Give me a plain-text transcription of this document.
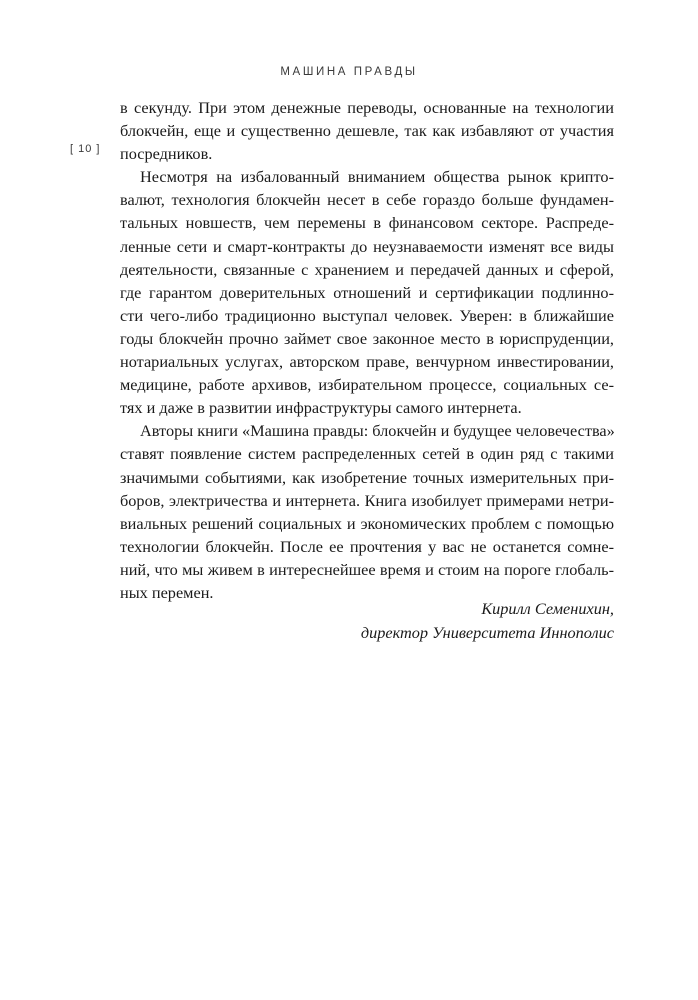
МАШИНА ПРАВДЫ
[ 10 ]

в секунду. При этом денежные переводы, основанные на технологии
блокчейн, еще и существенно дешевле, так как избавляют от участия
посредников.

Несмотря на избалованный вниманием общества рынок крипто-
валют, технология блокчейн несет в себе гораздо больше фундамен-
тальных новшеств, чем перемены в финансовом секторе. Распреде-
ленные сети и смарт-контракты до неузнаваемости изменят все виды
деятельности, связанные с хранением и передачей данных и сферой,
где гарантом доверительных отношений и сертификации подлинно-
сти чего-либо традиционно выступал человек. Уверен: в ближайшие
годы блокчейн прочно займет свое законное место в юриспруденции,
нотариальных услугах, авторском праве, венчурном инвестировании,
медицине, работе архивов, избирательном процессе, социальных се-
тях и даже в развитии инфраструктуры самого интернета.

Авторы книги «Машина правды: блокчейн и будущее человечества»
ставят появление систем распределенных сетей в один ряд с такими
значимыми событиями, как изобретение точных измерительных при-
боров, электричества и интернета. Книга изобилует примерами нетри-
виальных решений социальных и экономических проблем с помощью
технологии блокчейн. После ее прочтения у вас не останется сомне-
ний, что мы живем в интереснейшее время и стоим на пороге глобаль-
ных перемен.

Кирилл Семенихин,
директор Университета Иннополис
